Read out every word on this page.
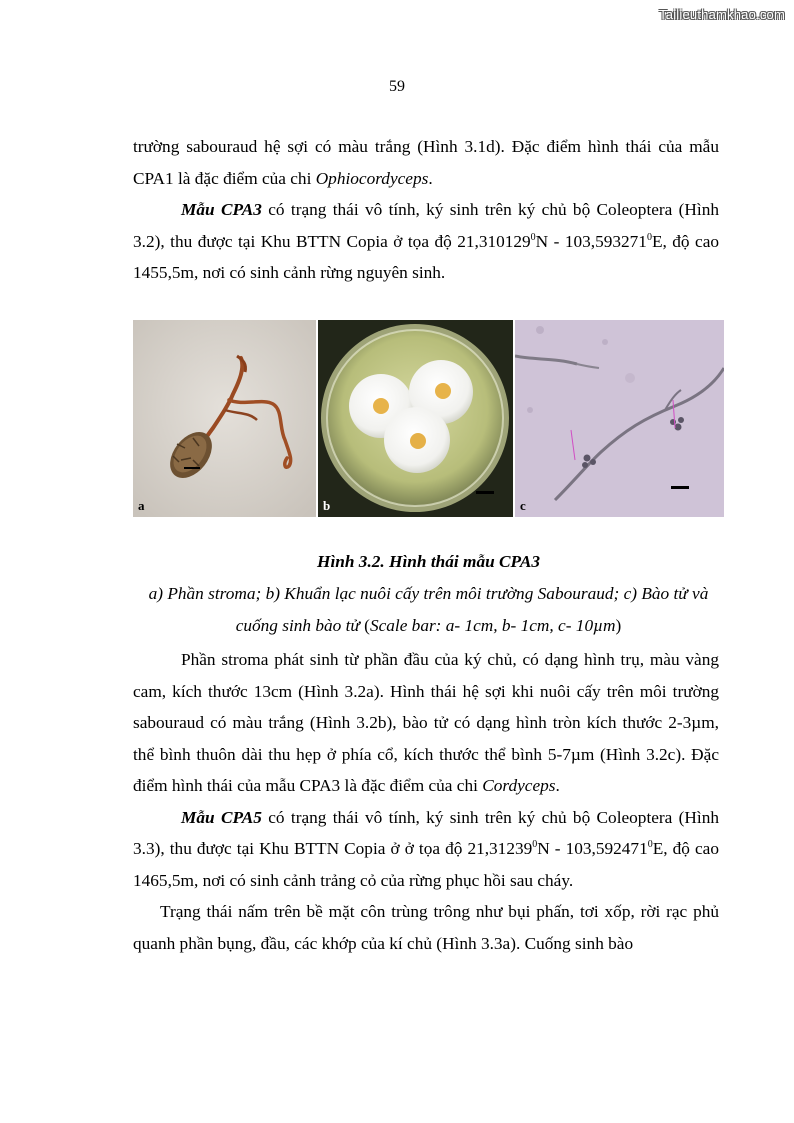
Tailieuthamkhao.com
59

trường sabouraud hệ sợi có màu trắng (Hình 3.1d). Đặc điểm hình thái của mẫu CPA1 là đặc điểm của chi Ophiocordyceps.

Mẫu CPA3 có trạng thái vô tính, ký sinh trên ký chủ bộ Coleoptera (Hình 3.2), thu được tại Khu BTTN Copia ở tọa độ 21,310129$^0$N - 103,593271$^0$E, độ cao 1455,5m, nơi có sinh cảnh rừng nguyên sinh.

a	b	c
Hình 3.2. Hình thái mẫu CPA3
a) Phần stroma; b) Khuẩn lạc nuôi cấy trên môi trường Sabouraud; c) Bào tử và cuống sinh bào tử (Scale bar: a- 1cm, b- 1cm, c- 10µm)

Phần stroma phát sinh từ phần đầu của ký chủ, có dạng hình trụ, màu vàng cam, kích thước 13cm (Hình 3.2a). Hình thái hệ sợi khi nuôi cấy trên môi trường sabouraud có màu trắng (Hình 3.2b), bào tử có dạng hình tròn kích thước 2-3µm, thể bình thuôn dài thu hẹp ở phía cổ, kích thước thể bình 5-7µm (Hình 3.2c). Đặc điểm hình thái của mẫu CPA3 là đặc điểm của chi Cordyceps.

Mẫu CPA5 có trạng thái vô tính, ký sinh trên ký chủ bộ Coleoptera (Hình 3.3), thu được tại Khu BTTN Copia ở ở tọa độ 21,31239$^0$N - 103,592471$^0$E, độ cao 1465,5m, nơi có sinh cảnh trảng cỏ của rừng phục hồi sau cháy.

Trạng thái nấm trên bề mặt côn trùng trông như bụi phấn, tơi xốp, rời rạc phủ quanh phần bụng, đầu, các khớp của kí chủ (Hình 3.3a). Cuống sinh bào
